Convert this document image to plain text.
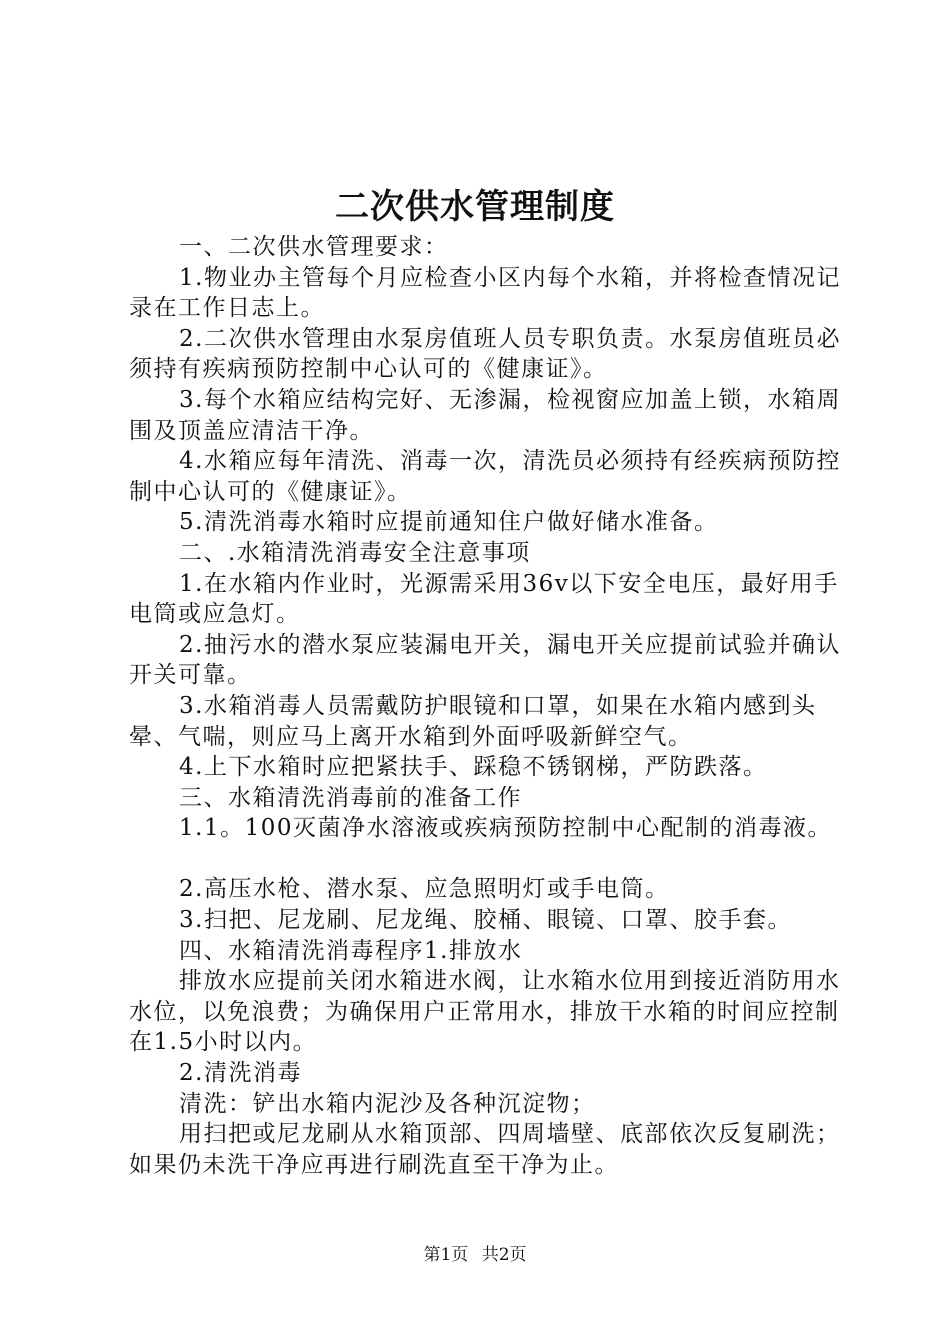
二次供水管理制度

一、二次供水管理要求：

1.物业办主管每个月应检查小区内每个水箱，并将检查情况记录在工作日志上。

2.二次供水管理由水泵房值班人员专职负责。水泵房值班员必须持有疾病预防控制中心认可的《健康证》。

3.每个水箱应结构完好、无渗漏，检视窗应加盖上锁，水箱周围及顶盖应清洁干净。

4.水箱应每年清洗、消毒一次，清洗员必须持有经疾病预防控制中心认可的《健康证》。

5.清洗消毒水箱时应提前通知住户做好储水准备。

二、.水箱清洗消毒安全注意事项

1.在水箱内作业时，光源需采用36v以下安全电压，最好用手电筒或应急灯。

2.抽污水的潜水泵应装漏电开关，漏电开关应提前试验并确认开关可靠。

3.水箱消毒人员需戴防护眼镜和口罩，如果在水箱内感到头晕、气喘，则应马上离开水箱到外面呼吸新鲜空气。

4.上下水箱时应把紧扶手、踩稳不锈钢梯，严防跌落。

三、水箱清洗消毒前的准备工作

1.1。100灭菌净水溶液或疾病预防控制中心配制的消毒液。

2.高压水枪、潜水泵、应急照明灯或手电筒。

3.扫把、尼龙刷、尼龙绳、胶桶、眼镜、口罩、胶手套。

四、水箱清洗消毒程序1.排放水

排放水应提前关闭水箱进水阀，让水箱水位用到接近消防用水水位，以免浪费；为确保用户正常用水，排放干水箱的时间应控制在1.5小时以内。

2.清洗消毒

清洗：铲出水箱内泥沙及各种沉淀物；

用扫把或尼龙刷从水箱顶部、四周墙壁、底部依次反复刷洗；如果仍未洗干净应再进行刷洗直至干净为止。

第1页 共2页
